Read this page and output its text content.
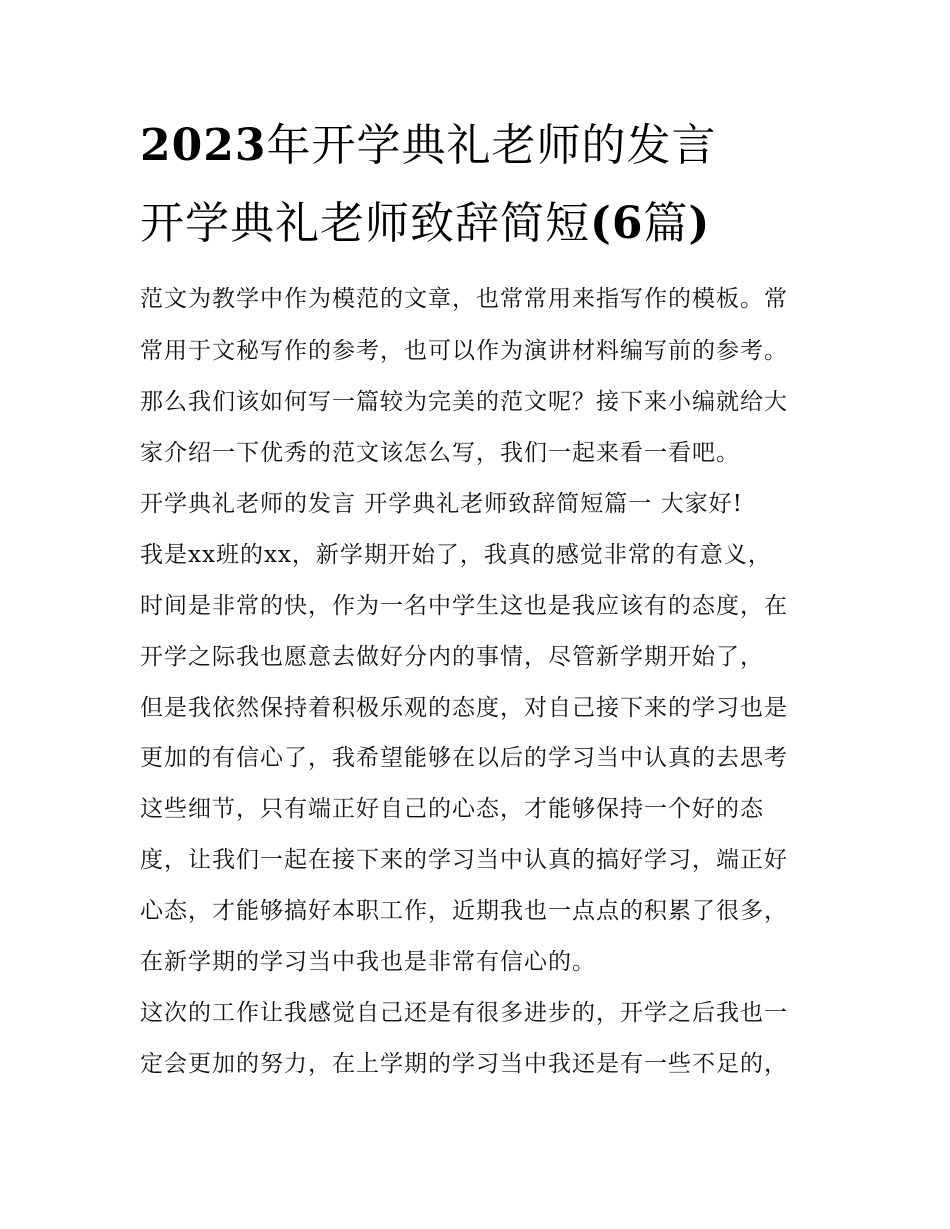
2023年开学典礼老师的发言
开学典礼老师致辞简短(6篇)
范文为教学中作为模范的文章，也常常用来指写作的模板。常
常用于文秘写作的参考，也可以作为演讲材料编写前的参考。
那么我们该如何写一篇较为完美的范文呢？接下来小编就给大
家介绍一下优秀的范文该怎么写，我们一起来看一看吧。
开学典礼老师的发言 开学典礼老师致辞简短篇一 大家好!
我是xx班的xx，新学期开始了，我真的感觉非常的有意义，
时间是非常的快，作为一名中学生这也是我应该有的态度，在
开学之际我也愿意去做好分内的事情，尽管新学期开始了，
但是我依然保持着积极乐观的态度，对自己接下来的学习也是
更加的有信心了，我希望能够在以后的学习当中认真的去思考
这些细节，只有端正好自己的心态，才能够保持一个好的态
度，让我们一起在接下来的学习当中认真的搞好学习，端正好
心态，才能够搞好本职工作，近期我也一点点的积累了很多，
在新学期的学习当中我也是非常有信心的。
这次的工作让我感觉自己还是有很多进步的，开学之后我也一
定会更加的努力，在上学期的学习当中我还是有一些不足的，
